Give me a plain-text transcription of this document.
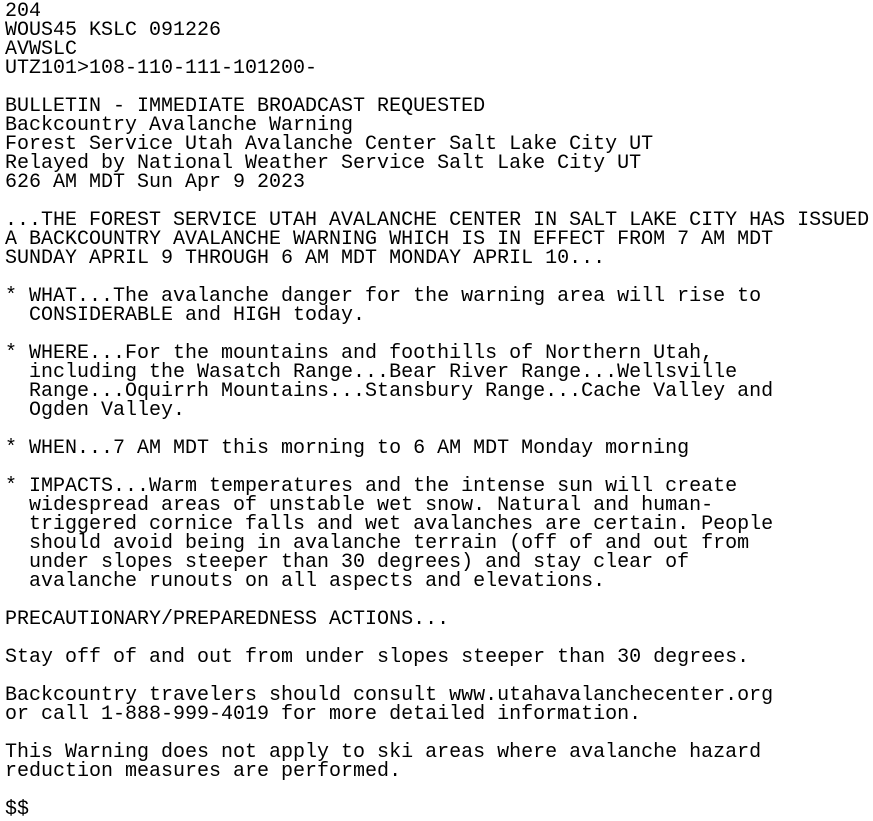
204
WOUS45 KSLC 091226
AVWSLC
UTZ101>108-110-111-101200-
BULLETIN - IMMEDIATE BROADCAST REQUESTED
Backcountry Avalanche Warning
Forest Service Utah Avalanche Center Salt Lake City UT
Relayed by National Weather Service Salt Lake City UT
626 AM MDT Sun Apr 9 2023
...THE FOREST SERVICE UTAH AVALANCHE CENTER IN SALT LAKE CITY HAS ISSUED
A BACKCOUNTRY AVALANCHE WARNING WHICH IS IN EFFECT FROM 7 AM MDT
SUNDAY APRIL 9 THROUGH 6 AM MDT MONDAY APRIL 10...
* WHAT...The avalanche danger for the warning area will rise to
CONSIDERABLE and HIGH today.
* WHERE...For the mountains and foothills of Northern Utah,
including the Wasatch Range...Bear River Range...Wellsville
Range...Oquirrh Mountains...Stansbury Range...Cache Valley and
Ogden Valley.
* WHEN...7 AM MDT this morning to 6 AM MDT Monday morning
* IMPACTS...Warm temperatures and the intense sun will create
widespread areas of unstable wet snow. Natural and human-
triggered cornice falls and wet avalanches are certain. People
should avoid being in avalanche terrain (off of and out from
under slopes steeper than 30 degrees) and stay clear of
avalanche runouts on all aspects and elevations.
PRECAUTIONARY/PREPAREDNESS ACTIONS...
Stay off of and out from under slopes steeper than 30 degrees.
Backcountry travelers should consult www.utahavalanchecenter.org
or call 1-888-999-4019 for more detailed information.
This Warning does not apply to ski areas where avalanche hazard
reduction measures are performed.
$$
